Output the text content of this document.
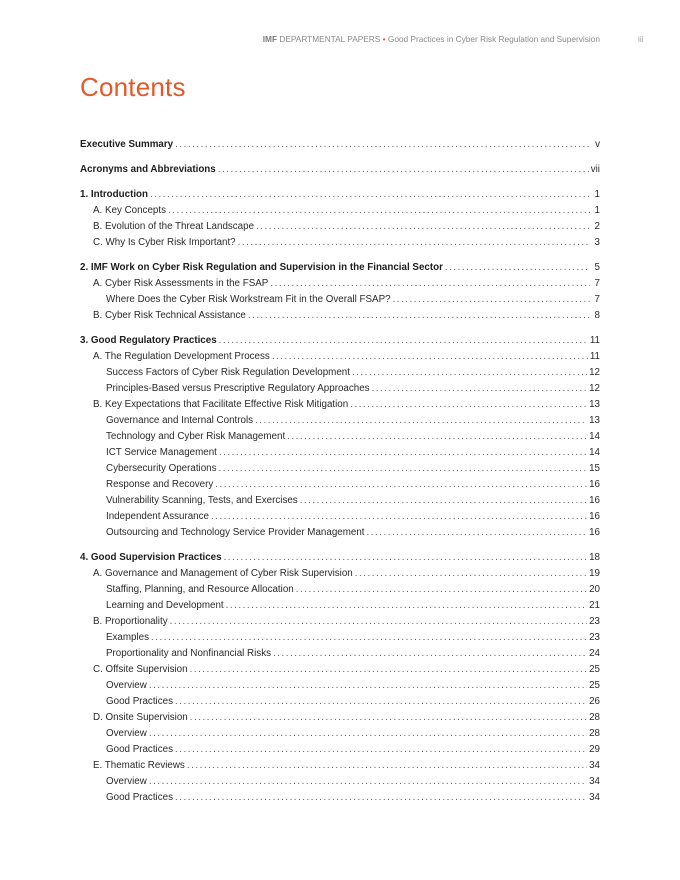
IMF DEPARTMENTAL PAPERS • Good Practices in Cyber Risk Regulation and Supervision	iii
Contents
Executive Summary . . .	v
Acronyms and Abbreviations . . .	vii
1. Introduction . . .	1
A. Key Concepts . . .	1
B. Evolution of the Threat Landscape . . .	2
C. Why Is Cyber Risk Important? . . .	3
2. IMF Work on Cyber Risk Regulation and Supervision in the Financial Sector . . .	5
A. Cyber Risk Assessments in the FSAP . . .	7
Where Does the Cyber Risk Workstream Fit in the Overall FSAP? . . .	7
B. Cyber Risk Technical Assistance . . .	8
3. Good Regulatory Practices . . .	11
A. The Regulation Development Process . . .	11
Success Factors of Cyber Risk Regulation Development . . .	12
Principles-Based versus Prescriptive Regulatory Approaches . . .	12
B. Key Expectations that Facilitate Effective Risk Mitigation . . .	13
Governance and Internal Controls . . .	13
Technology and Cyber Risk Management . . .	14
ICT Service Management . . .	14
Cybersecurity Operations . . .	15
Response and Recovery . . .	16
Vulnerability Scanning, Tests, and Exercises . . .	16
Independent Assurance . . .	16
Outsourcing and Technology Service Provider Management . . .	16
4. Good Supervision Practices . . .	18
A. Governance and Management of Cyber Risk Supervision . . .	19
Staffing, Planning, and Resource Allocation . . .	20
Learning and Development . . .	21
B. Proportionality . . .	23
Examples . . .	23
Proportionality and Nonfinancial Risks . . .	24
C. Offsite Supervision . . .	25
Overview . . .	25
Good Practices . . .	26
D. Onsite Supervision . . .	28
Overview . . .	28
Good Practices . . .	29
E. Thematic Reviews . . .	34
Overview . . .	34
Good Practices . . .	34
